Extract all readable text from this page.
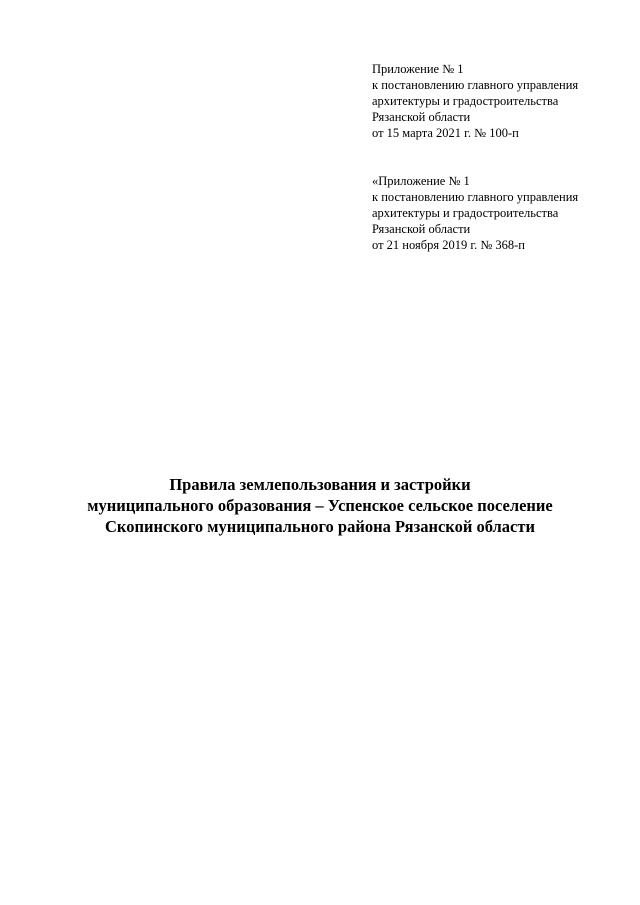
Приложение № 1
к постановлению главного управления
архитектуры и градостроительства
Рязанской области
от 15 марта 2021 г. № 100-п
«Приложение № 1
к постановлению главного управления
архитектуры и градостроительства
Рязанской области
от 21 ноября 2019 г. № 368-п
Правила землепользования и застройки
муниципального образования – Успенское сельское поселение
Скопинского муниципального района Рязанской области
